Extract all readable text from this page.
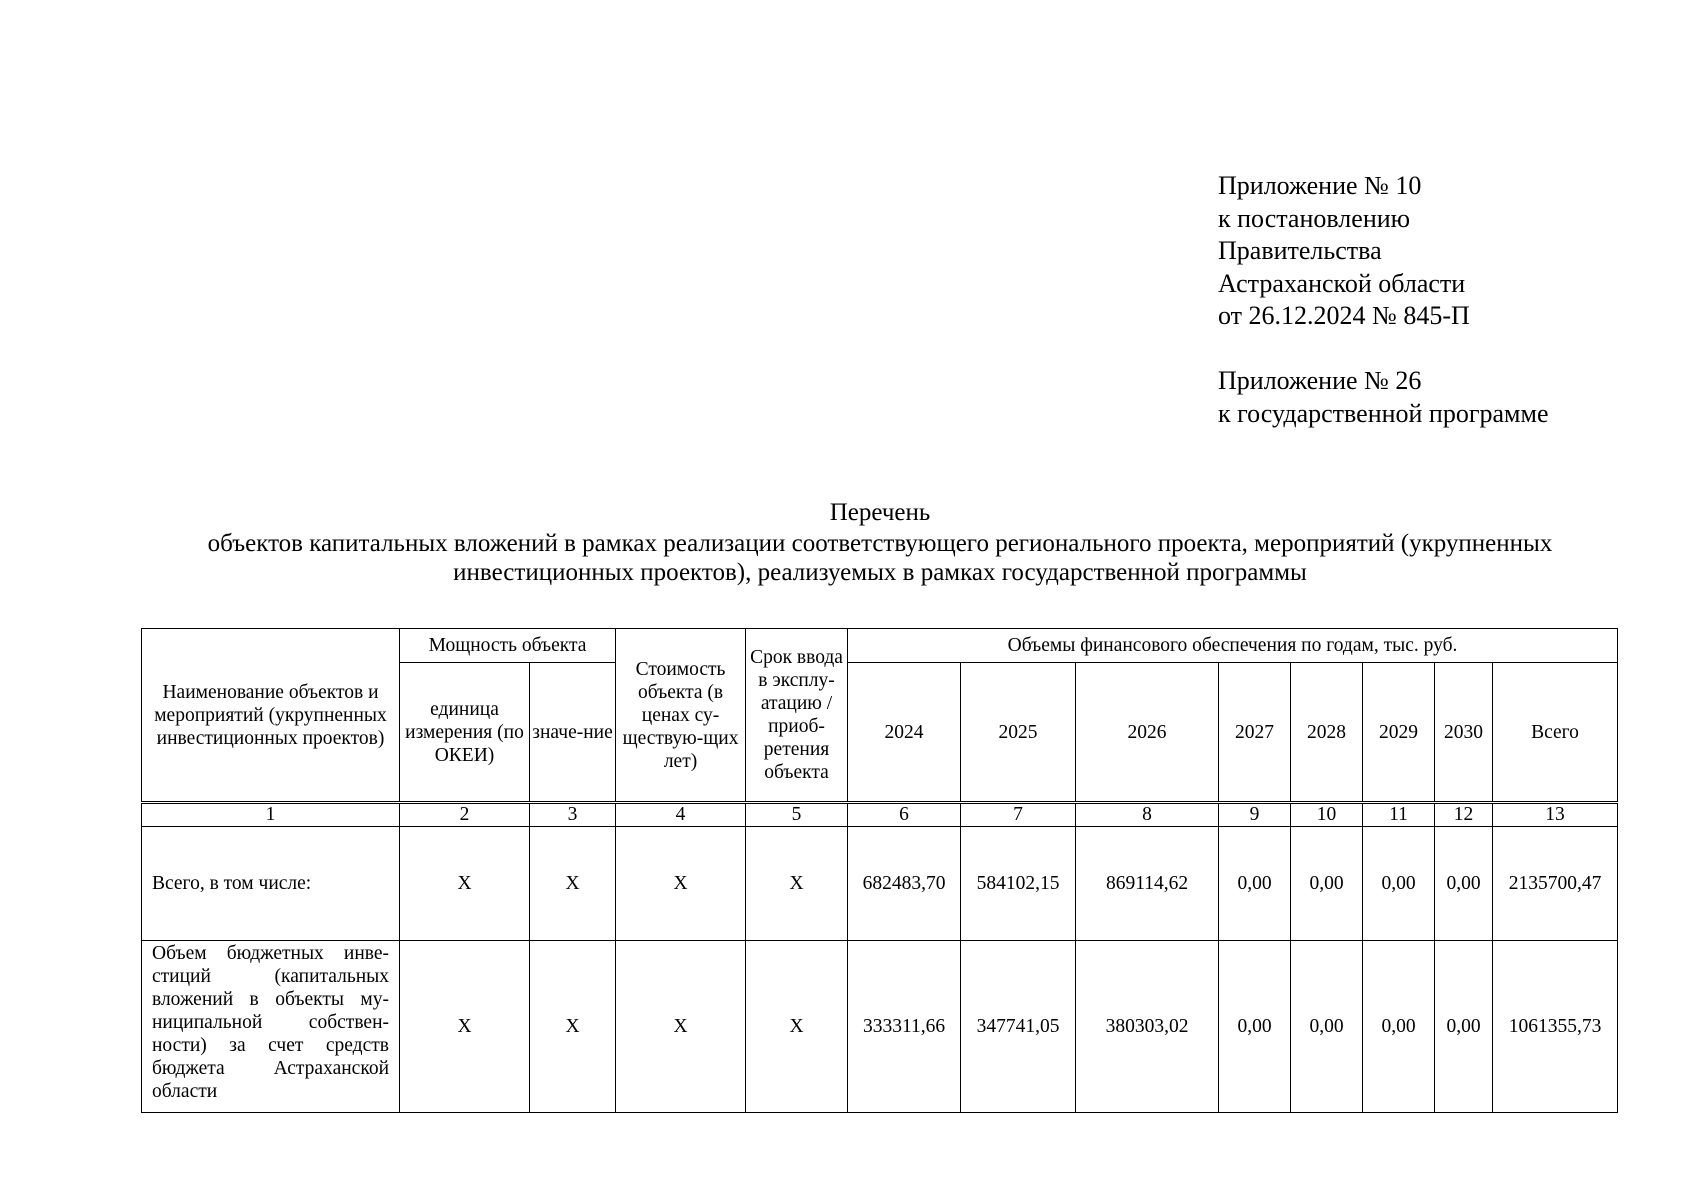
Приложение № 10
к постановлению
Правительства
Астраханской области
от 26.12.2024 № 845-П
Приложение № 26
к государственной программе
Перечень
объектов капитальных вложений в рамках реализации соответствующего регионального проекта, мероприятий (укрупненных
инвестиционных проектов), реализуемых в рамках государственной программы
Наименование объектов и мероприятий (укрупненных инвестиционных проектов)	Мощность объекта		Стоимость объекта (в ценах су-ществую-щих лет)	Срок ввода в эксплу-атацию / приоб-ретения объекта	Объемы финансового обеспечения по годам, тыс. руб.							
	единица измерения (по ОКЕИ)	значе-ние			2024	2025	2026	2027	2028	2029	2030	Всего

1	2	3	4	5	6	7	8	9	10	11	12	13
Всего, в том числе:	Х	Х	Х	Х	682483,70	584102,15	869114,62	0,00	0,00	0,00	0,00	2135700,47
Объем бюджетных инве-стиций (капитальных вложений в объекты му-ниципальной собствен-ности) за счет средств бюджета Астраханской области	Х	Х	Х	Х	333311,66	347741,05	380303,02	0,00	0,00	0,00	0,00	1061355,73
